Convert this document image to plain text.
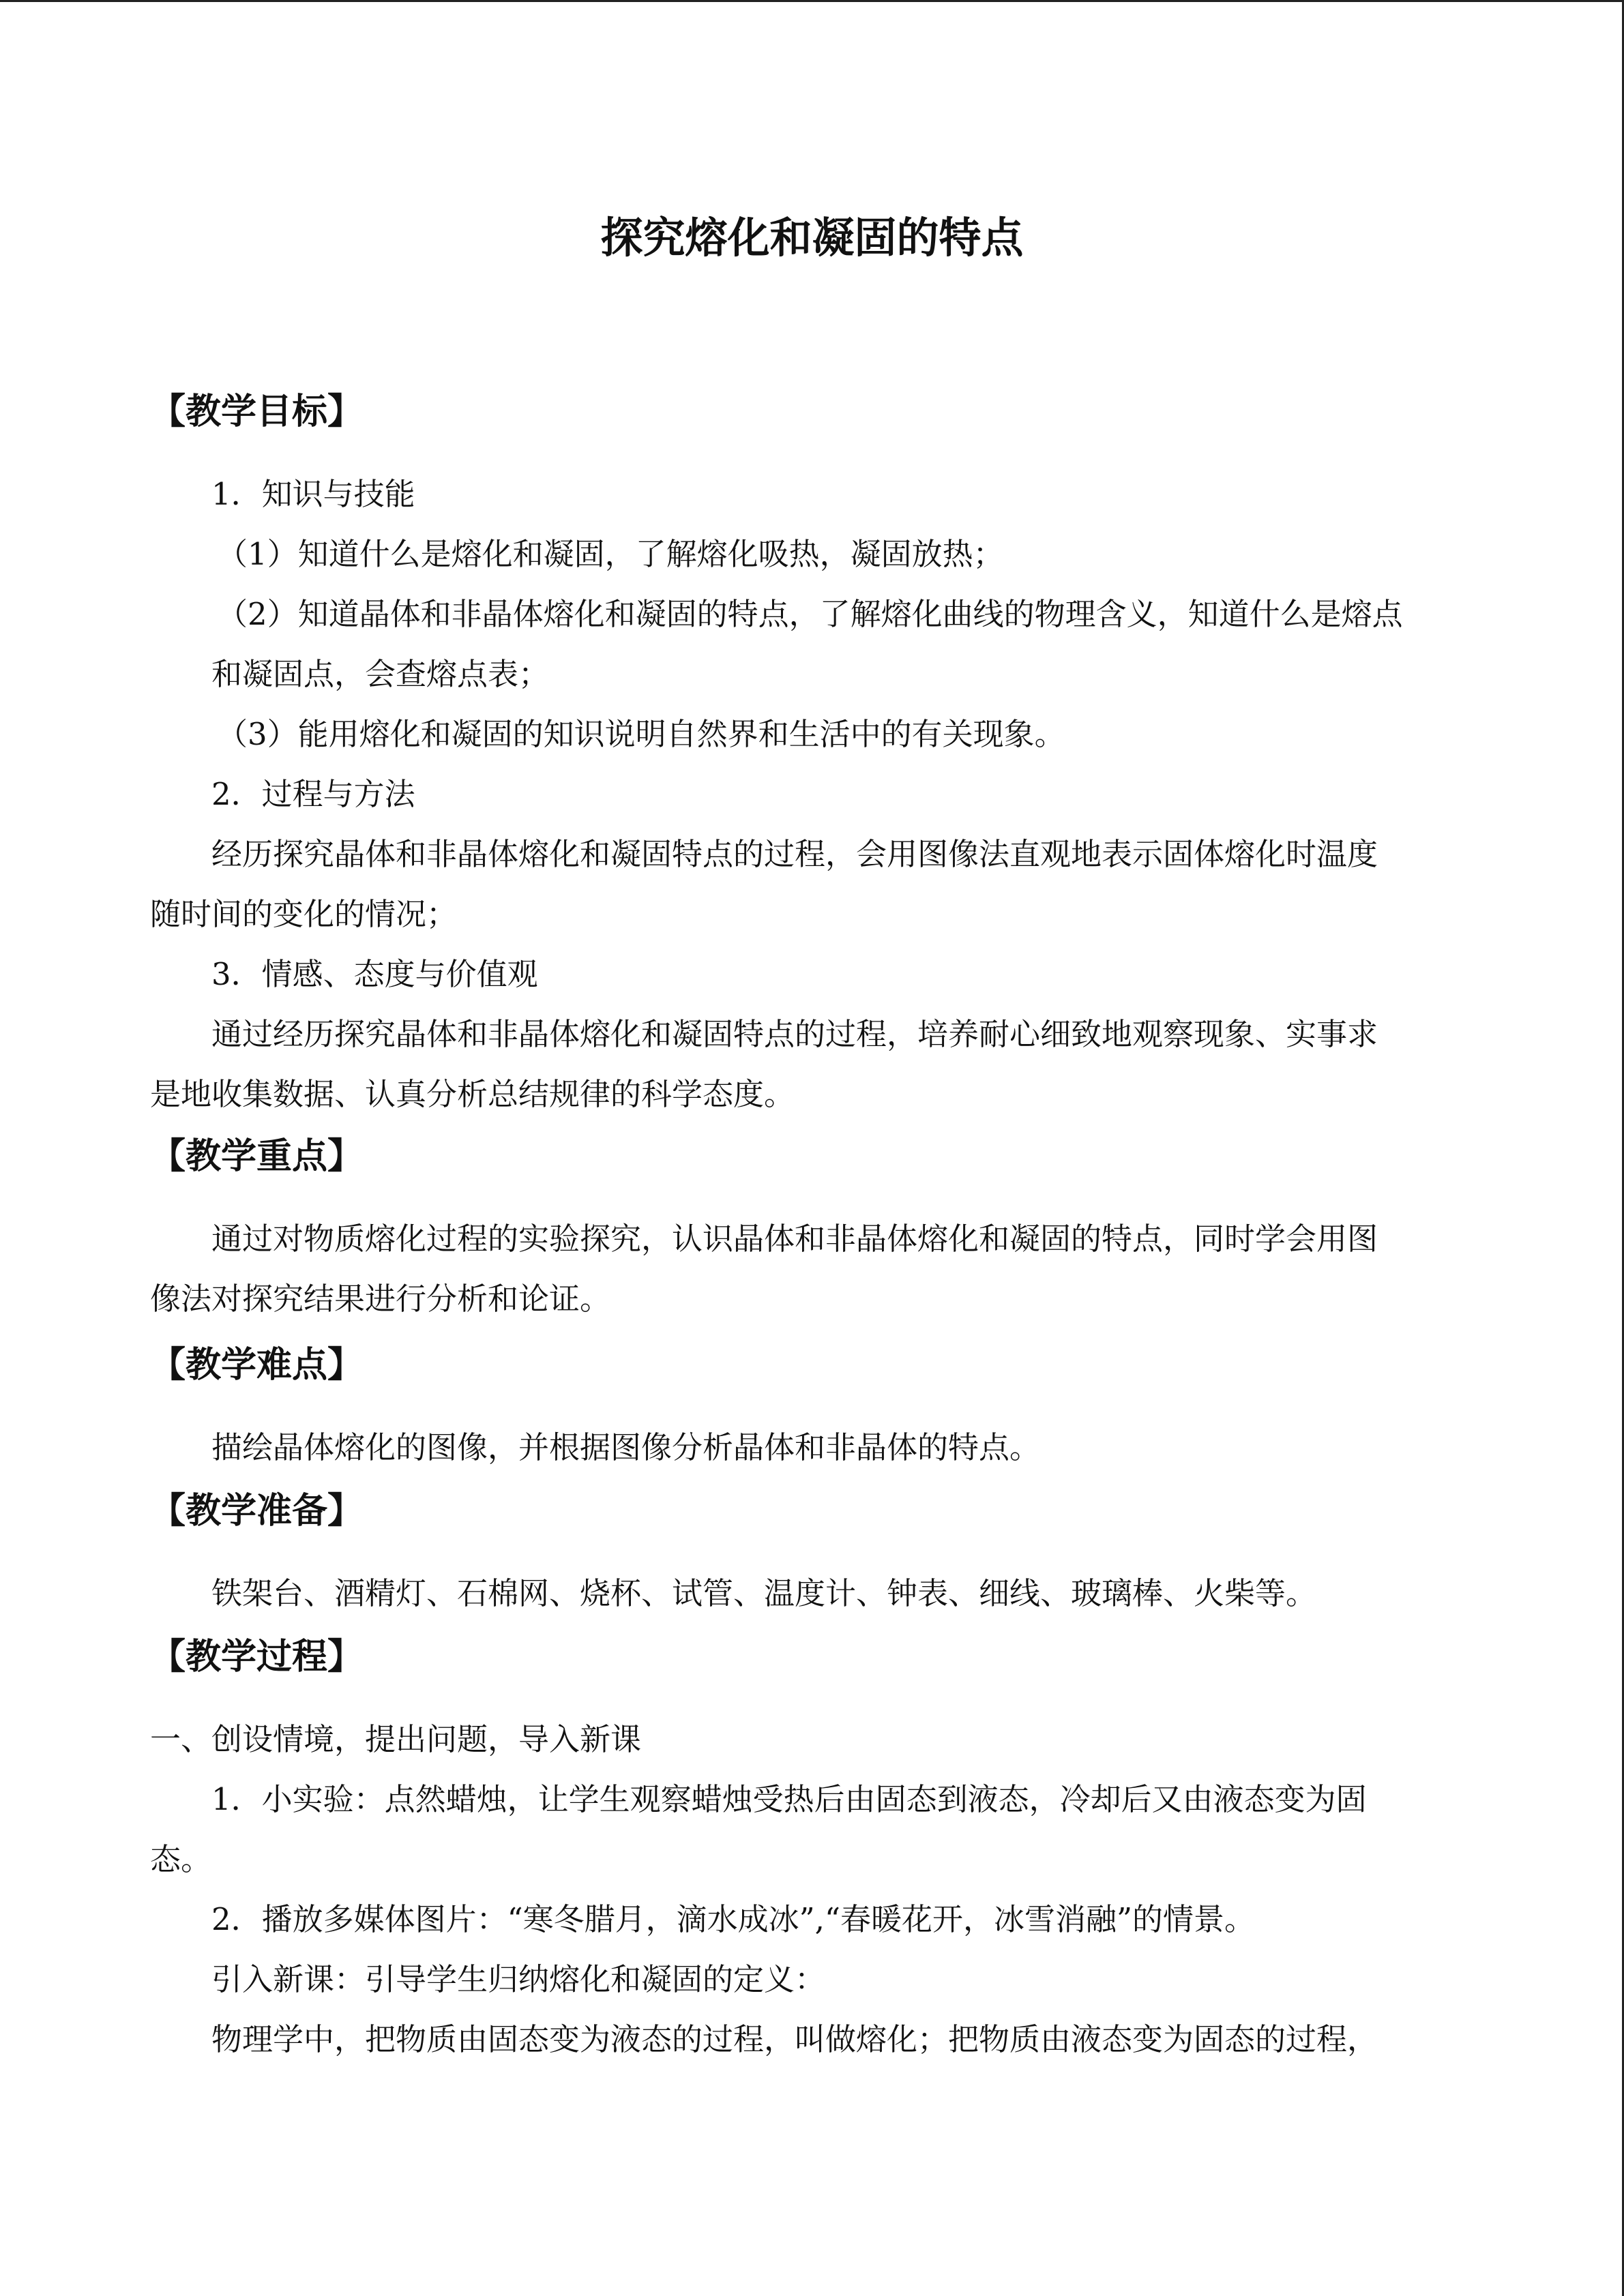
探究熔化和凝固的特点
【教学目标】
1．知识与技能
（1）知道什么是熔化和凝固，了解熔化吸热，凝固放热；
（2）知道晶体和非晶体熔化和凝固的特点，了解熔化曲线的物理含义，知道什么是熔点
和凝固点，会查熔点表；
（3）能用熔化和凝固的知识说明自然界和生活中的有关现象。
2．过程与方法
经历探究晶体和非晶体熔化和凝固特点的过程，会用图像法直观地表示固体熔化时温度
随时间的变化的情况；
3．情感、态度与价值观
通过经历探究晶体和非晶体熔化和凝固特点的过程，培养耐心细致地观察现象、实事求
是地收集数据、认真分析总结规律的科学态度。
【教学重点】
通过对物质熔化过程的实验探究，认识晶体和非晶体熔化和凝固的特点，同时学会用图
像法对探究结果进行分析和论证。
【教学难点】
描绘晶体熔化的图像，并根据图像分析晶体和非晶体的特点。
【教学准备】
铁架台、酒精灯、石棉网、烧杯、试管、温度计、钟表、细线、玻璃棒、火柴等。
【教学过程】
一、创设情境，提出问题，导入新课
1．小实验：点然蜡烛，让学生观察蜡烛受热后由固态到液态，冷却后又由液态变为固
态。
2．播放多媒体图片：“寒冬腊月，滴水成冰”,“春暖花开，冰雪消融”的情景。
引入新课：引导学生归纳熔化和凝固的定义：
物理学中，把物质由固态变为液态的过程，叫做熔化；把物质由液态变为固态的过程，
